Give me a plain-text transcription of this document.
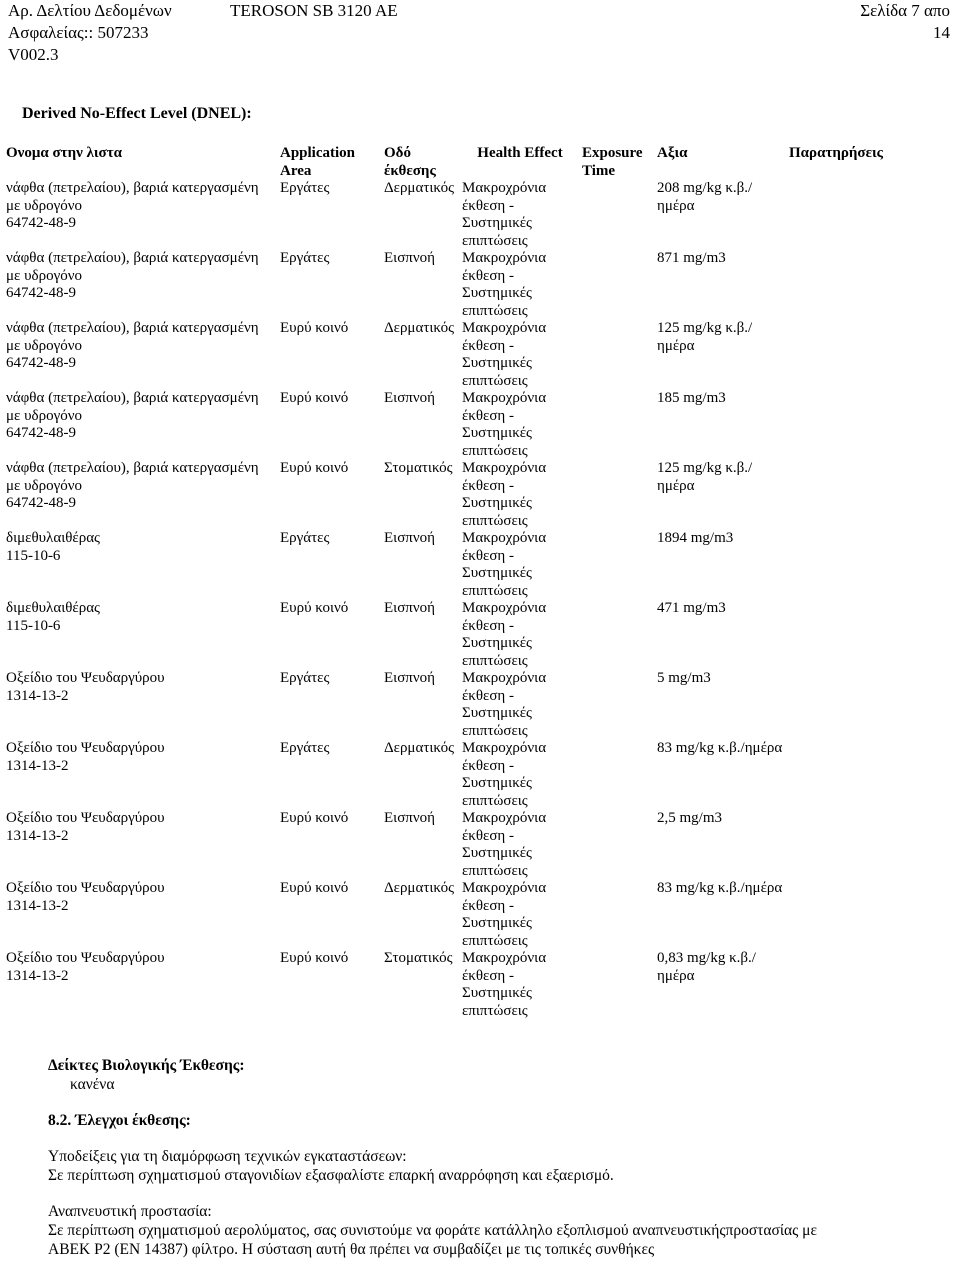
Αρ. Δελτίου Δεδομένων
Ασφαλείας:: 507233
V002.3
TEROSON SB 3120 AE	Σελίδα 7 απο
14
Derived No-Effect Level (DNEL):
Ονομα στην λιστα	Application Area	Οδό έκθεσης	Health Effect	Exposure Time	Αξια	Παρατηρήσεις

νάφθα (πετρελαίου), βαριά κατεργασμένη με υδρογόνο
64742-48-9	Εργάτες	Δερματικός	Μακροχρόνια έκθεση - Συστημικές επιπτώσεις		208 mg/kg κ.β./ημέρα	

νάφθα (πετρελαίου), βαριά κατεργασμένη με υδρογόνο
64742-48-9	Εργάτες	Εισπνοή	Μακροχρόνια έκθεση - Συστημικές επιπτώσεις		871 mg/m3	

νάφθα (πετρελαίου), βαριά κατεργασμένη με υδρογόνο
64742-48-9	Ευρύ κοινό	Δερματικός	Μακροχρόνια έκθεση - Συστημικές επιπτώσεις		125 mg/kg κ.β./ημέρα	

νάφθα (πετρελαίου), βαριά κατεργασμένη με υδρογόνο
64742-48-9	Ευρύ κοινό	Εισπνοή	Μακροχρόνια έκθεση - Συστημικές επιπτώσεις		185 mg/m3	

νάφθα (πετρελαίου), βαριά κατεργασμένη με υδρογόνο
64742-48-9	Ευρύ κοινό	Στοματικός	Μακροχρόνια έκθεση - Συστημικές επιπτώσεις		125 mg/kg κ.β./ημέρα	

διμεθυλαιθέρας
115-10-6	Εργάτες	Εισπνοή	Μακροχρόνια έκθεση - Συστημικές επιπτώσεις		1894 mg/m3	

διμεθυλαιθέρας
115-10-6	Ευρύ κοινό	Εισπνοή	Μακροχρόνια έκθεση - Συστημικές επιπτώσεις		471 mg/m3	

Οξείδιο του Ψευδαργύρου
1314-13-2	Εργάτες	Εισπνοή	Μακροχρόνια έκθεση - Συστημικές επιπτώσεις		5 mg/m3	

Οξείδιο του Ψευδαργύρου
1314-13-2	Εργάτες	Δερματικός	Μακροχρόνια έκθεση - Συστημικές επιπτώσεις		83 mg/kg κ.β./ημέρα	

Οξείδιο του Ψευδαργύρου
1314-13-2	Ευρύ κοινό	Εισπνοή	Μακροχρόνια έκθεση - Συστημικές επιπτώσεις		2,5 mg/m3	

Οξείδιο του Ψευδαργύρου
1314-13-2	Ευρύ κοινό	Δερματικός	Μακροχρόνια έκθεση - Συστημικές επιπτώσεις		83 mg/kg κ.β./ημέρα	

Οξείδιο του Ψευδαργύρου
1314-13-2	Ευρύ κοινό	Στοματικός	Μακροχρόνια έκθεση - Συστημικές επιπτώσεις		0,83 mg/kg κ.β./ημέρα	

Δείκτες Βιολογικής Έκθεσης:
κανένα
8.2. Έλεγχοι έκθεσης:
Υποδείξεις για τη διαμόρφωση τεχνικών εγκαταστάσεων:
Σε περίπτωση σχηματισμού σταγονιδίων εξασφαλίστε επαρκή αναρρόφηση και εξαερισμό.
Αναπνευστική προστασία:
Σε περίπτωση σχηματισμού αερολύματος, σας συνιστούμε να φοράτε κατάλληλο εξοπλισμού αναπνευστικήςπροστασίας με
ABEK P2 (EN 14387) φίλτρο. Η σύσταση αυτή θα πρέπει να συμβαδίζει με τις τοπικές συνθήκες
